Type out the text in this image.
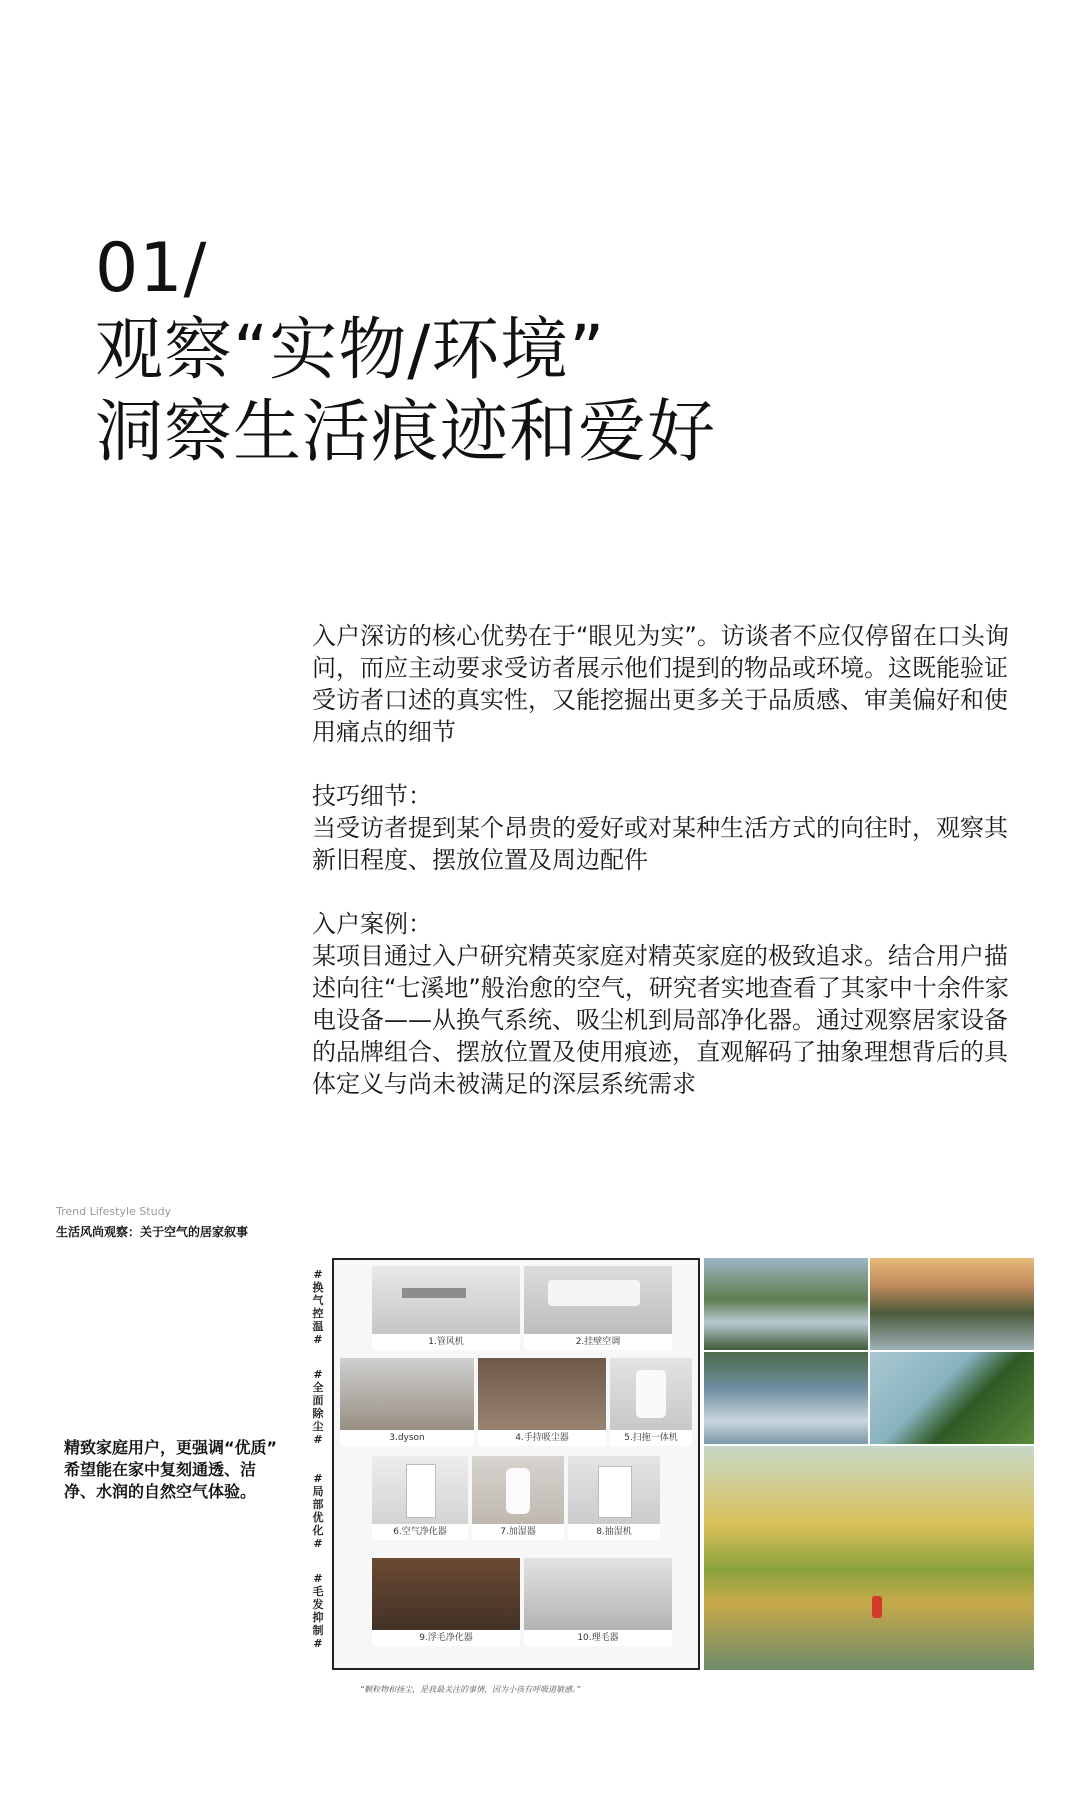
01/
观察“实物/环境”
洞察生活痕迹和爱好

入户深访的核心优势在于“眼见为实”。访谈者不应仅停留在口头询问，而应主动要求受访者展示他们提到的物品或环境。这既能验证受访者口述的真实性，又能挖掘出更多关于品质感、审美偏好和使用痛点的细节

技巧细节：

当受访者提到某个昂贵的爱好或对某种生活方式的向往时，观察其新旧程度、摆放位置及周边配件

入户案例：

某项目通过入户研究精英家庭对精英家庭的极致追求。结合用户描述向往“七溪地”般治愈的空气，研究者实地查看了其家中十余件家电设备——从换气系统、吸尘机到局部净化器。通过观察居家设备的品牌组合、摆放位置及使用痕迹，直观解码了抽象理想背后的具体定义与尚未被满足的深层系统需求

Trend Lifestyle Study
生活风尚观察：关于空气的居家叙事
精致家庭用户，更强调“优质”
希望能在家中复刻通透、洁
净、水润的自然空气体验。
#换气控温#
#全面除尘#
#局部优化#
#毛发抑制#
1.管风机	2.挂壁空调
3.dyson	4.手持吸尘器	5.扫拖一体机
6.空气净化器	7.加湿器	8.抽湿机
9.浮毛净化器	10.理毛器
“颗粒物和扬尘，是我最关注的事情，因为小孩有呼吸道敏感。”
